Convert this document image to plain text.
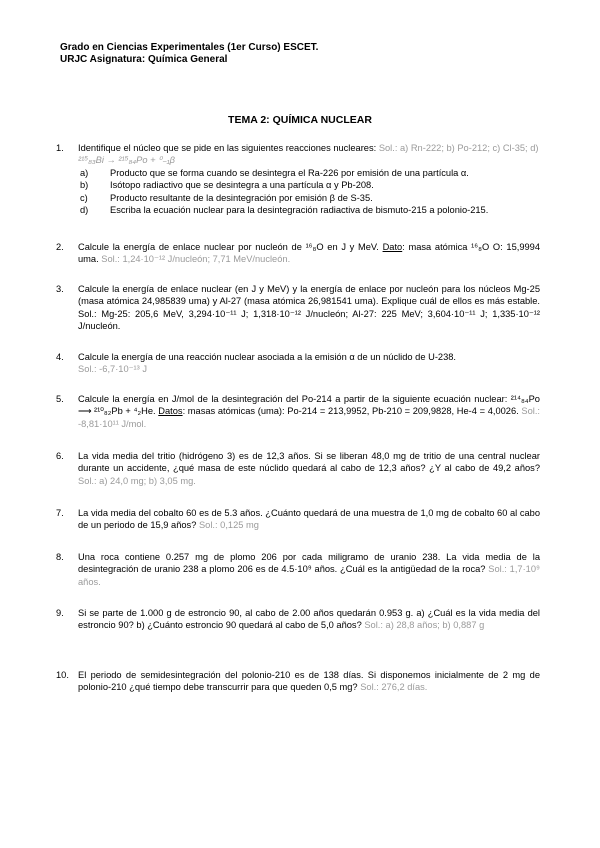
Grado en Ciencias Experimentales (1er Curso) ESCET.
URJC Asignatura: Química General
TEMA 2: QUÍMICA NUCLEAR
1. Identifique el núcleo que se pide en las siguientes reacciones nucleares: Sol.: a) Rn-222; b) Po-212; c) Cl-35; d) ²¹⁵₈₃Bi → ²¹⁵₈₄Po + ⁰₋₁β
a) Producto que se forma cuando se desintegra el Ra-226 por emisión de una partícula α.
b) Isótopo radiactivo que se desintegra a una partícula α y Pb-208.
c) Producto resultante de la desintegración por emisión β de S-35.
d) Escriba la ecuación nuclear para la desintegración radiactiva de bismuto-215 a polonio-215.
2. Calcule la energía de enlace nuclear por nucleón de ¹⁶₈O en J y MeV. Dato: masa atómica ¹⁶₈O O: 15,9994 uma. Sol.: 1,24·10⁻¹² J/nucleón; 7,71 MeV/nucleón.
3. Calcule la energía de enlace nuclear (en J y MeV) y la energía de enlace por nucleón para los núcleos Mg-25 (masa atómica 24,985839 uma) y Al-27 (masa atómica 26,981541 uma). Explique cuál de ellos es más estable. Sol.: Mg-25: 205,6 MeV, 3,294·10⁻¹¹ J; 1,318·10⁻¹² J/nucleón; Al-27: 225 MeV; 3,604·10⁻¹¹ J; 1,335·10⁻¹² J/nucleón.
4. Calcule la energía de una reacción nuclear asociada a la emisión α de un núclido de U-238.
Sol.: -6,7·10⁻¹³ J
5. Calcule la energía en J/mol de la desintegración del Po-214 a partir de la siguiente ecuación nuclear: ²¹⁴₈₄Po ⟶ ²¹⁰₈₂Pb + ⁴₂He. Datos: masas atómicas (uma): Po-214 = 213,9952, Pb-210 = 209,9828, He-4 = 4,0026. Sol.: -8,81·10¹¹ J/mol.
6. La vida media del tritio (hidrógeno 3) es de 12,3 años. Si se liberan 48,0 mg de tritio de una central nuclear durante un accidente, ¿qué masa de este núclido quedará al cabo de 12,3 años? ¿Y al cabo de 49,2 años? Sol.: a) 24,0 mg; b) 3,05 mg.
7. La vida media del cobalto 60 es de 5.3 años. ¿Cuánto quedará de una muestra de 1,0 mg de cobalto 60 al cabo de un periodo de 15,9 años? Sol.: 0,125 mg
8. Una roca contiene 0.257 mg de plomo 206 por cada miligramo de uranio 238. La vida media de la desintegración de uranio 238 a plomo 206 es de 4.5·10⁹ años. ¿Cuál es la antigüedad de la roca? Sol.: 1,7·10⁹ años.
9. Si se parte de 1.000 g de estroncio 90, al cabo de 2.00 años quedarán 0.953 g. a) ¿Cuál es la vida media del estroncio 90? b) ¿Cuánto estroncio 90 quedará al cabo de 5,0 años? Sol.: a) 28,8 años; b) 0,887 g
10. El periodo de semidesintegración del polonio-210 es de 138 días. Si disponemos inicialmente de 2 mg de polonio-210 ¿qué tiempo debe transcurrir para que queden 0,5 mg? Sol.: 276,2 días.
